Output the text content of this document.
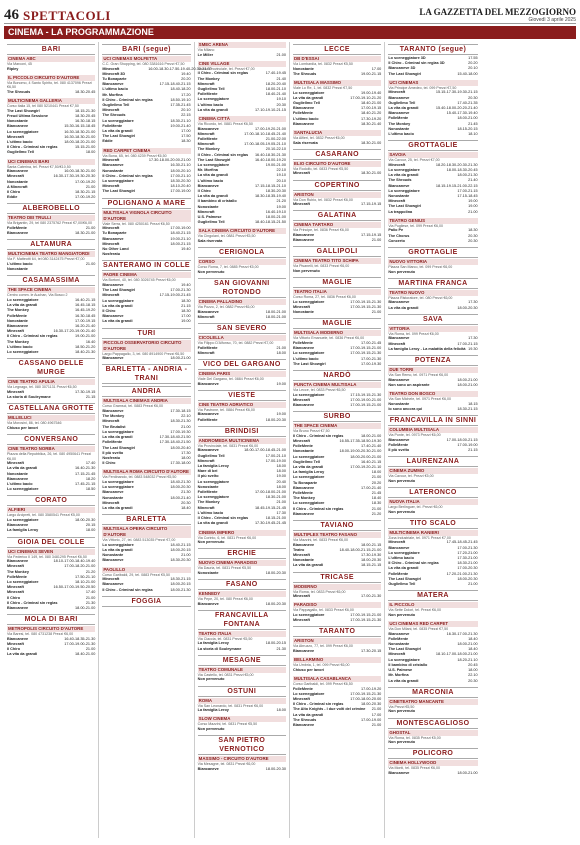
46 SPETTACOLI	LA GAZZETTA DEL MEZZOGIORNO
Giovedì 3 aprile 2025
CINEMA - LA PROGRAMMAZIONE
BARI
CINEMA ABC
Via Marconi, 45
Ripley
IL PICCOLO CIRCUITO D'AUTORE
Via Bonomo, 4 Santo Spirito, tel. 080 4137096 Prezzi €6,50
The Shrouds	18.30-20.45
MULTICINEMA GALLERIA
Corso Italia 15, tel 080 5210441 Prezzi €7,50
The Last Showgirl	18.15-21.30
Freud Ultima Sessione	18.30-20.45
Nonostante	16.30-18.15
Biancaneve	15.30-16.15-18.45
Lo sceneggiatore	16.30-18.30-21.00
Minecraft	16.30-18.30-21.00
L'ultimo bacio	18.00-18.20-21.00
Il Chiro - Criminal sin reglas	15.15-21.00
Gugliellmo Tell	18.00
UCI CINEMAS BARI
Santa Caterina, tel. Prezzi €7,50/€10,50
Biancaneve	16.00-18.30-21.00
Minecraft	16.30-17.30-19.30-20.30
Nonostante	17.00-19.20
A Minecraft	21.00
Il Chiro	18.30-21.15
Eddie	17.00-19.20
ALBEROBELLO
TEATRO DEI TRULLI
Via Brigantin, 29, tel 080 2375762 Prezzi €7,00/€6,00
FolleMente	21.00
Biancaneve	18.30-21.00
ALTAMURA
MULTICINEMA TEATRO MANGIATORDI
Via F. Matteotti 64, tel 080 3142475 Prezzi €7,00
L'ultimo bacio	21.00
Nonostante
CASAMASSIMA
THE SPACE CINEMA
Centro comm. le Auchan, Via Bosco 2
Lo sceneggiatore	16.40-21.15
La vita da grandi	16.45-18.15
The Monkey	16.45-19.20
FolleMente	16.30-18.45
Nonostante	17.00-19.15
Biancaneve	16.20-21.40
Minecraft	16.30-17.20-19.00-21.40
Il Chiro - Criminal sin reglas	19.00-21.00
The Monkey	16.40
L'ultimo bacio	18.50-21.20
Lo sceneggiatore	18.40-21.30
CASSANO DELLE MURGE
CINE TEATRO APULIA
Via Legnago, tel. 080 3071131 Prezzi €6,50
Minecraft	17.30-19.15
La storia di Souleymane	21.15
CASTELLANA GROTTE
MILLELUCI
Via Morosini, 86, tel. 080 4967546
Chiuso per lavori
CONVERSANO
CINE TEATRO NORBA
Piazza della Repubblica, 26, tel. 080 4950641 Prezzi €6,00
Minecraft	17.40
La vita da grandi	16.40-21.30
Nonostante	17.15-21.45
Biancaneve	18.20
L'ultimo bacio	17.45-21.15
Lo sceneggiatore	18.50
CORATO
ALFIERI
Largo Arcipreti, tel. 080 3580541 Prezzi €5,00
Lo sceneggiatore	18.00-20.30
Biancaneve	20.15
La famiglia Leroy	18.00
GIOIA DEL COLLE
UCI CINEMAS SEVEN
Via Federico II 149, tel. 080 3481295 Prezzi €6,50
Biancaneve	18.10-17.00-18.40-19.40
Minecraft	17.00-18.20-21.00
The Monkey	21.20
FolleMente	17.50-21.10
Lo sceneggiatore	18.10-21.00
Minecraft	16.50-17.00-19.50-20.50
Minecraft	17.40
Il Chiro	21.00
Il Chiro - Criminal sin reglas	21.30
Biancaneve	18.00-21.00
MOLA DI BARI
METROPOLIS CIRCUITO D'AUTORE
Via Baresi, tel. 080 4731238 Prezzi €6,00
Biancaneve	16.40-18.35-21.30
Minecraft	17.00-19.00-21.30
Il Chiro	21.00
La vita da grandi	18.40-21.00
BARI (segue)
UCI CINEMAS MOLFETTA
C.C. Gran Shopping, tel. 080 3381616 Prezzi €7,50
Minecraft	16.00-18.30-17.50-19.40-20.30-21.30
Minecraft 3D	19.40
Tu Bonaparte	20.20
Biancaneve	17.15-18.40-21.15
L'ultimo bacio	18.40-18.20
Mr. Morfina	17.20
Il Chiro - Criminal sin reglas	18.50-19.10
Gugliellmo Tell	17.35-21.45
Minecraft	20.10
The Shrouds	22.15
Lo sceneggiatore	18.30-21.10
FolleMente	19.00-21.40
La vita da grandi	17.00
The Last Showgirl	17.50
Eddie	18.30
RED CARPET CINEMA
Via Bona, 65, tel. 080 4239 Prezzi €6,50
Minecraft	17.30-18.00-20.00-21.00
Biancaneve	16.30-21.10
Nonostante	18.00-20.10
Il Chiro - Criminal sin reglas	17.00-21.10
Lo sceneggiatore	18.30-20.30
Minecraft	18.10-20.40
The Last Showgirl	17.00-19.00
POLIGNANO A MARE
MULTISALA VIGNOLA CIRCUITO D'AUTORE
Viale Serra, tel. 080 4250161 Prezzi €6,50
Minecraft	17.00-19.00
Tu Bonaparte	18.40-21.15
Biancaneve	19.00-21.10
Minecraft	18.00-21.15
No Other Land	19.40
Nosferatu
SANTERAMO IN COLLE
PADRE CINEMA
Via Bortoni, 40, tel. 080 3026745 Prezzi €6,00
Biancaneve	19.40
The Last Showgirl	17.00-21.30
Minecraft	17.15-19.00-21.45
Lo sceneggiatore	18.30
La vita da grandi	21.15
Il Chiro	18.30
Biancaneve	17.00
La vita da grandi	19.00
TURI
PICCOLO OSSERVATORIO CIRCUITO D'AUTORE
Largo Pappagallo, 3, tel. 080 8914900 Prezzi €6,50
Biancaneve	18.00-21.00
BARLETTA - ANDRIA - TRANI
ANDRIA
MULTISALA CINEMAS ANDRIA
Corso Gramsci, tel. 0883 Prezzi €6,00
Biancaneve	17.30-18.15
The Monkey	22.10
Minecraft	18.30-21.30
The Brutalist	21.00
Lo sceneggiatore	17.00-19.30
La vita da grandi	17.30-18.40-21.50
FolleMente	17.30-18.40-21.50
The Last Showgirl	18.00-20.40
Il più svelto	17.30
Nosferatu	18.00
Il Chiro	17.30-18.00
MULTISALA ROMA CIRCUITO D'AUTORE
Via Ferdinando, tel. 0883 548032 Prezzi €5,50
Lo sceneggiatore	18.40-21.30
Lo sceneggiatore	18.00-20.30
Biancaneve	21.30
Nonostante	18.00-21.40
Minecraft	20.30
La vita da grandi	18.40
BARLETTA
MULTISALA OPERA CIRCUITO D'AUTORE
Via Vittorio, 27, tel. 0883 513035 Prezzi €7,00
Lo sceneggiatore	18.40-21.15
La vita da grandi	18.00-20.15
Nonostante	21.00
Biancaneve	18.30-20.30
PAOLILLO
Corso Garibaldi, 29, tel. 0883 Prezzi €5,50
Minecraft	18.30-21.15
Biancaneve	18.00-20.15
Il Chiro - Criminal sin reglas	18.00-21.30
FOGGIA
SMEC ARENA
Via Milano
Le Miller	21.00
CINE VILLAGE
Strada Provinciale, tel. Prezzi €7,00
Il Chiro - Criminal sin reglas	17.40-19.45
The Monkey	21.40
Minecraft	18.20-20.40
Gugliellmo Tell	18.00-21.10
FolleMente	18.40-21.40
Lo sceneggiatore	19.10
L'ultimo bacio	20.30
La vita da grandi	17.10-19.10-21.15
CINEMA CITTÀ
Via Ricordo, tel. 0881 Prezzi €6,50
Biancaneve	17.00-19.20-21.00
Minecraft	17.00-18.10-18.45-21.40
FolleMente	21.00-22.00
Minecraft	17.00-18.05-19.05-21.10
The Monkey	20.10-22.10
Il Chiro - Criminal sin reglas 16.40-18.30-21.30
The Last Showgirl	16.40-18.00-19.20
Lo sceneggiatore	19.00-21.00
Mr. Morfina	22.10
La vita da grandi	19.10
L'ultimo bacio	20.10
Biancaneve	17.15-18.15-21.10
Il Chiro	18.30-20.30
La vita da grandi	18.30-18.35-19.40
Il bambino di cristallo	21.20
Nonostante	19.00
Minecraft	16.40-19.10
U.S. Palmese	18.00-21.00
Gugliellmo Tell	18.40-18.15-21.50
SALA CINEMA CIRCUITO D'AUTORE
Via Cingolani, tel. 0881 Prezzi €5,50
Sala riservata
CERIGNOLA
CORSO
Corso Roma, 7, tel. 0885 Prezzi €5,00
Non pervenuto
SAN GIOVANNI ROTONDO
CINEMA PALLADINO
Via Pozzo, 2, tel. 0882 Prezzi €6,00
Biancaneve	18.00-21.00
Minecraft	18.00-21.00
SAN SEVERO
CICOLELLA
Via Filippo D'Alfonso, 70, tel. 0882 Prezzi €7,00
FolleMente	21.00
Minecraft	18.00
VICO DEL GARGANO
CINEMA PARIS
Viale Del Gargano, tel. 0884 Prezzi €6,00
Biancaneve	19.00
VIESTE
CINE TEATRO ADRIATICO
Via Pastrone, tel. 0884 Prezzi €6,00
Biancaneve	19.00
FolleMente	18.00-20.30
BRINDISI
ANDROMEDA MULTICINEMA
Via Provinciale, tel. 0831 Prezzi €6,00
Biancaneve	18.00-17.00-18.45-21.00
Gugliellmo Tell	17.00-21.10
Minecraft	17.00-19.00
La famiglia Leroy	18.00
Mare di bei	18.00
Il più svelto	19.00
Lo sceneggiatore	20.40
Nonostante	18.00
FolleMente	17.00-18.00-21.00
Lo sceneggiatore	18.30-21.00
The Monkey	21.00
Minecraft	18.45-19.15-21.45
L'ultimo bacio	17.30
Il Chiro - Criminal sin reglas	18.15-21.00
La vita da grandi	17.30-19.45-21.45
CINEMA IMPERO
Via Corinto, 6, tel. 0831 Prezzi €6,00
Non pervenuto
ERCHIE
NUOVO CINEMA PARADISO
Via Dauria, tel. 0831 Prezzi €5,50
Nonostante	18.00-20.30
FASANO
KENNEDY
Via Pepe, 20, tel. 080 Prezzi €6,00
Biancaneve	18.00-20.30
FRANCAVILLA FONTANA
TEATRO ITALIA
Via Ciaccia, tel. 0831 Prezzi €5,50
La famiglia Leroy	18.00-20.15
La storia di Souleymane	21.30
MESAGNE
TEATRO COMUNALE
Via Castello, tel. 0831 Prezzi €5,00
Non pervenuto
OSTUNI
ROMA
Via San Leonardo, tel. 0831 Prezzi €6,00
La famiglia Leroy	18.00
SLOW CINEMA
Corso Mazzini, tel. 0831 Prezzi €5,50
Non pervenuto
SAN PIETRO VERNOTICO
MASSIMO - CIRCUITO D'AUTORE
Via Mesagne, tel. 0831 Prezzi €6,00
Biancaneve	18.00-20.30
LECCE
DB D'ESSAI
Via Lombardia, tel. 0832 Prezzi €5,50
Nonostante	17.00
The Shrouds	19.00-21.15
MULTISALA MASSIMO
Viale Lo Re, 1, tel. 0832 Prezzi €7,50
Lo sceneggiatore	19.00-19.40
La vita da grandi	17.00-19.10-21.20
Gugliellmo Tell	18.40-21.00
Biancaneve	17.00-19.15
FolleMente	18.40-21.20
L'ultimo bacio	17.30-19.20
Biancaneve	18.30-21.40
SANTALUCIA
Via Alfieri, tel. 0832 Prezzi €6,00
Sala riservata	18.30-21.00
CASARANO
ELIO CIRCUITO D'AUTORE
Via Rodolfo, tel. 0833 Prezzi €5,50
Minecraft	18.30-21.00
COPERTINO
ARISTON
Via Don Rubio, tel. 0832 Prezzi €6,00
Minecraft	17.15-19.15
GALATINA
CINEMA TARTARO
Via Principe, tel. 0836 Prezzi €6,00
Biancaneve	17.15-19.15
Biancaneve	21.00
GALLIPOLI
CINEMA TEATRO TITO SCHIPA
Via Pisanelli, tel. 0833 Prezzi €6,00
Non pervenuto
MAGLIE
TEATRO ITALIA
Corso Roma, 27, tel. 0836 Prezzi €6,00
Lo sceneggiatore	17.00-19.15-21.30
Minecraft	17.00-19.15-21.30
Nonostante	21.00
MAGLIE
MULTISALA MODERNO
Via Vittorio Emanuele, tel. 0836 Prezzi €6,00
FolleMente	17.00-21.45
Biancaneve	17.00-19.15-21.00
Lo sceneggiatore	17.00-19.15-21.30
L'ultimo bacio	17.00-21.30
The Last Showgirl	17.00-19.30
NARDÒ
PUNCTA CINEMA MULTISALA
Via Lecce, tel. 0833 Prezzi €6,50
Lo sceneggiatore	17.15-19.15-21.30
Minecraft	17.00-19.00-21.00
Biancaneve	17.00-19.15-21.00
SURBO
THE SPACE CINEMA
Via Bruno Prezzi €7,50
Il Chiro - Criminal sin reglas	18.00-21.00
Minecraft	16.55-17.35-18.50-19.30
FolleMente	17.40-21.40
Nonostante	18.00-19.00-20.30-21.00
Lo sceneggiatore	18.00-20.00-21.00
Gugliellmo Tell	16.40-21.15
La vita da grandi	17.00-19.20-21.10
La famiglia Leroy	18.00
Lo sceneggiatore	21.00
Tu Bonaparte	20.20
Biancaneve	17.00-21.40
FolleMente	21.45
The Monkey	18.40
Lo sceneggiatore	18.30
Il Chiro - Criminal sin reglas	21.00
Biancaneve	21.20
TAVIANO
MULTIPLEX TEATRO FASANO
Via Mazzini, tel. 0833 Prezzi €6,00
Biancaneve	18.00-21.15
Teatro	18.40-18.00-21.15-21.00
Minecraft	17.30-19.30
Nonostante	18.00-20.30
La vita da grandi	18.15-21.15
TRICASE
MODERNO
Via Roma, tel. 0833 Prezzi €6,00
Minecraft	17.00-21.30
PARADISO
Via Pappagallo, tel. 0833 Prezzi €6,00
Lo sceneggiatore	17.00-19.15-21.00
Minecraft	17.00-19.15-21.30
TARANTO
ARISTON
Via Abruzzo, 77, tel. 099 Prezzi €6,00
Biancaneve	17.30-20.15
BELLARMINO
Via Umbria, 1, tel. 099 Prezzi €6,00
Chiuso per lavori
MULTISALA CASABLANCA
Corso Garibaldi, tel. 099 Prezzi €6,50
FolleMente	17.00-19.20
Lo sceneggiatore	17.00-19.15-21.30
Minecraft	17.00-18.00-20.00
Il Chiro - Criminal sin reglas	18.00-20.30
The Alto Knights - I due volti del crimine 21.00
La vita da grandi	17.00
The Shrouds	17.00-19.00
Biancaneve	21.00
TARANTO (segue)
Lo sceneggiatore 3D	17.55
Il Chiro - Criminal sin reglas 3D	20.20
Biancaneve 3D	20.10
The Last Showgirl	15.40-18.00
UCI CINEMAS
Via Principe Amedeo, tel. 099 Prezzi €7,50
Minecraft	15.15-17.30-19.30-21.15
Biancaneve	20.30
Gugliellmo Tell	17.40-21.35
La vita da grandi	15.40-18.00-20.20-21.40
Biancaneve	15.40-17.30-19.40
FolleMente	18.00-21.00
The Monkey	21.45
Nonostante	18.15-20.15
L'ultimo bacio	18.10
GROTTAGLIE
SAVOIA
Via Cavour, 25, tel. Prezzi €7,00
Minecraft	18.20-18.30-20.30-21.30
Lo sceneggiatore	18.00-18.30-20.45
La vita da grandi	18.00-21.30
The Shrouds	21.40
Biancaneve	18.15-19.15-21.00-22.15
Lo sceneggiatore	17.00-21.15
Nonostante	17.15-18.45
Minecraft	19.00
The Last Showgirl	19.00
La trappolina	21.00
TEATRO GENIUS
Via Pugliese, tel. 099 Prezzi €6,00
Palio Pe	18.30
The Chorus	20.30
Concerto	20.30
GROTTAGLIE
NUOVO VITTORIA
Piazza San Marco, tel. 099 Prezzi €6,00
Non pervenuto
MARTINA FRANCA
TEATRO NUOVO
Piazza Ristoratore, tel. 080 Prezzi €6,00
Biancaneve	17.30
La vita da grandi	18.00-20.30
SAVA
VITTORIA
Via Roma, tel. 099 Prezzi €6,00
Biancaneve	17.30
Minecraft	17.00-21.15
La famiglia Leroy - La malattia della felicità 19.30
POTENZA
DUE TORRI
Via San Remo, tel. 0971 Prezzi €6,00
Biancaneve	18.00-21.00
Non sono un aspirante	18.00-21.00
TEATRO DON BOSCO
Via San Michele, tel. 0971 Prezzi €6,00
Nonostante	18.15
Io sono ancora qui	18.30-21.15
FRANCAVILLA IN SINNI
COLUMBIA MULTISALA
Via Ponte, tel. 0973 Prezzi €6,00
Biancaneve	17.00-18.00-21.15
FolleMente	17.00-19.00
Il più svelto	21.15
LAURENZANA
CINEMA ZUMMO
Via Cavour, tel. Prezzi €5,00
Non pervenuto
LATERONCO
NUOVA ITALIA
Largo Berlinguer, tel. Prezzi €6,00
Non pervenuto
TITO SCALO
MULTICINEMA RANIERI
Zona Industriale, tel. 0971 Prezzi €7,00
Minecraft	17.45-18.45-21.45
Biancaneve	17.00-21.30
Lo sceneggiatore	17.20-21.00
L'ultimo bacio	17.30-21.00
Il Chiro - Criminal sin reglas	18.30-21.00
La vita da grandi	17.00-20.30
FolleMente	17.20-21.00-21.30
The Last Showgirl	18.00-20.30
Gugliellmo Tell	21.00
MATERA
IL PICCOLO
Via Sette Dolori, tel. Prezzi €6,00
Non pervenuto
UCI CINEMAS RED CARPET
Via Don Milani, tel. 0835 Prezzi €7,50
Biancaneve	16.30-17.00-21.30
FolleMente	18.40
Nonostante	18.00-21.00
The Last Showgirl	18.40
Minecraft	18.10-17.00-18.00-21.00
Lo sceneggiatore	18.20-21.10
Il bambino di cristallo	20.45
U.S. Palmese	18.00
Mr. Morfina	22.10
La vita da grandi	20.30
MARCONIA
CINETEATRO MANCANTE
Via Prezzi €5,50
Non pervenuto
MONTESCAGLIOSO
GHOSTAL
Via Roma, tel. 0835 Prezzi €5,00
Non pervenuto
POLICORO
CINEMA HOLLYWOOD
Via Monti, tel. 0835 Prezzi €6,00
Biancaneve	18.00-21.00
